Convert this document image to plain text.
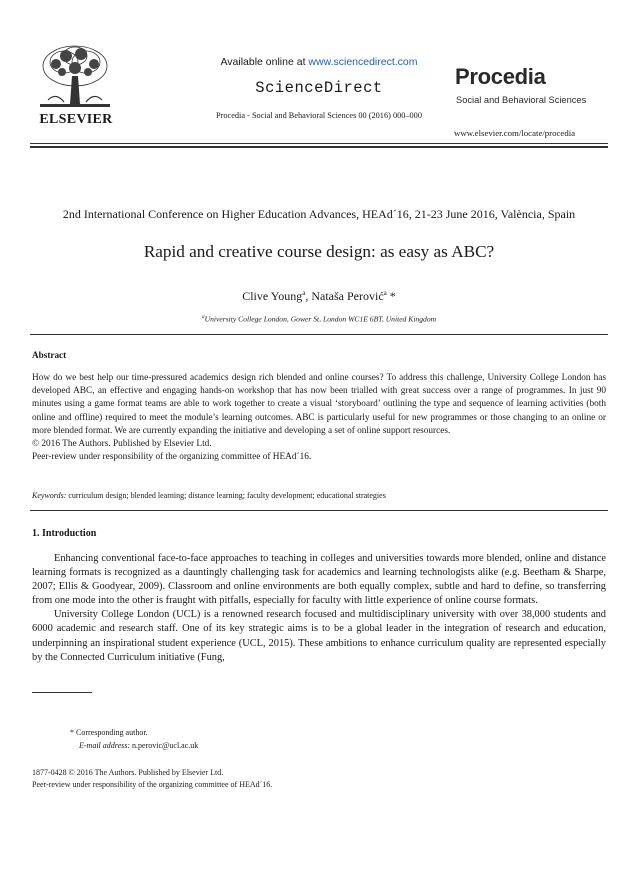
ELSEVIER
Available online at www.sciencedirect.com
ScienceDirect
Procedia - Social and Behavioral Sciences 00 (2016) 000–000
Procedia
Social and Behavioral Sciences
www.elsevier.com/locate/procedia
2nd International Conference on Higher Education Advances, HEAd´16, 21-23 June 2016, València, Spain
Rapid and creative course design: as easy as ABC?
Clive Young$^a$, Nataša Perović$^a$ *
$^a$University College London, Gower St, London WC1E 6BT, United Kingdom
Abstract
How do we best help our time-pressured academics design rich blended and online courses? To address this challenge, University College London has developed ABC, an effective and engaging hands-on workshop that has now been trialled with great success over a range of programmes. In just 90 minutes using a game format teams are able to work together to create a visual ‘storyboard’ outlining the type and sequence of learning activities (both online and offline) required to meet the module’s learning outcomes. ABC is particularly useful for new programmes or those changing to an online or more blended format. We are currently expanding the initiative and developing a set of online support resources.
© 2016 The Authors. Published by Elsevier Ltd.
Peer-review under responsibility of the organizing committee of HEAd´16.
Keywords: curriculum design; blended learning; distance learning; faculty development; educational strategies
1. Introduction

Enhancing conventional face-to-face approaches to teaching in colleges and universities towards more blended, online and distance learning formats is recognized as a dauntingly challenging task for academics and learning technologists alike (e.g. Beetham & Sharpe, 2007; Ellis & Goodyear, 2009). Classroom and online environments are both equally complex, subtle and hard to define, so transferring from one mode into the other is fraught with pitfalls, especially for faculty with little experience of online course formats.

University College London (UCL) is a renowned research focused and multidisciplinary university with over 38,000 students and 6000 academic and research staff. One of its key strategic aims is to be a global leader in the integration of research and education, underpinning an inspirational student experience (UCL, 2015). These ambitions to enhance curriculum quality are represented especially by the Connected Curriculum initiative (Fung,

* Corresponding author.
E-mail address: n.perovic@ucl.ac.uk
1877-0428 © 2016 The Authors. Published by Elsevier Ltd.
Peer-review under responsibility of the organizing committee of HEAd´16.
